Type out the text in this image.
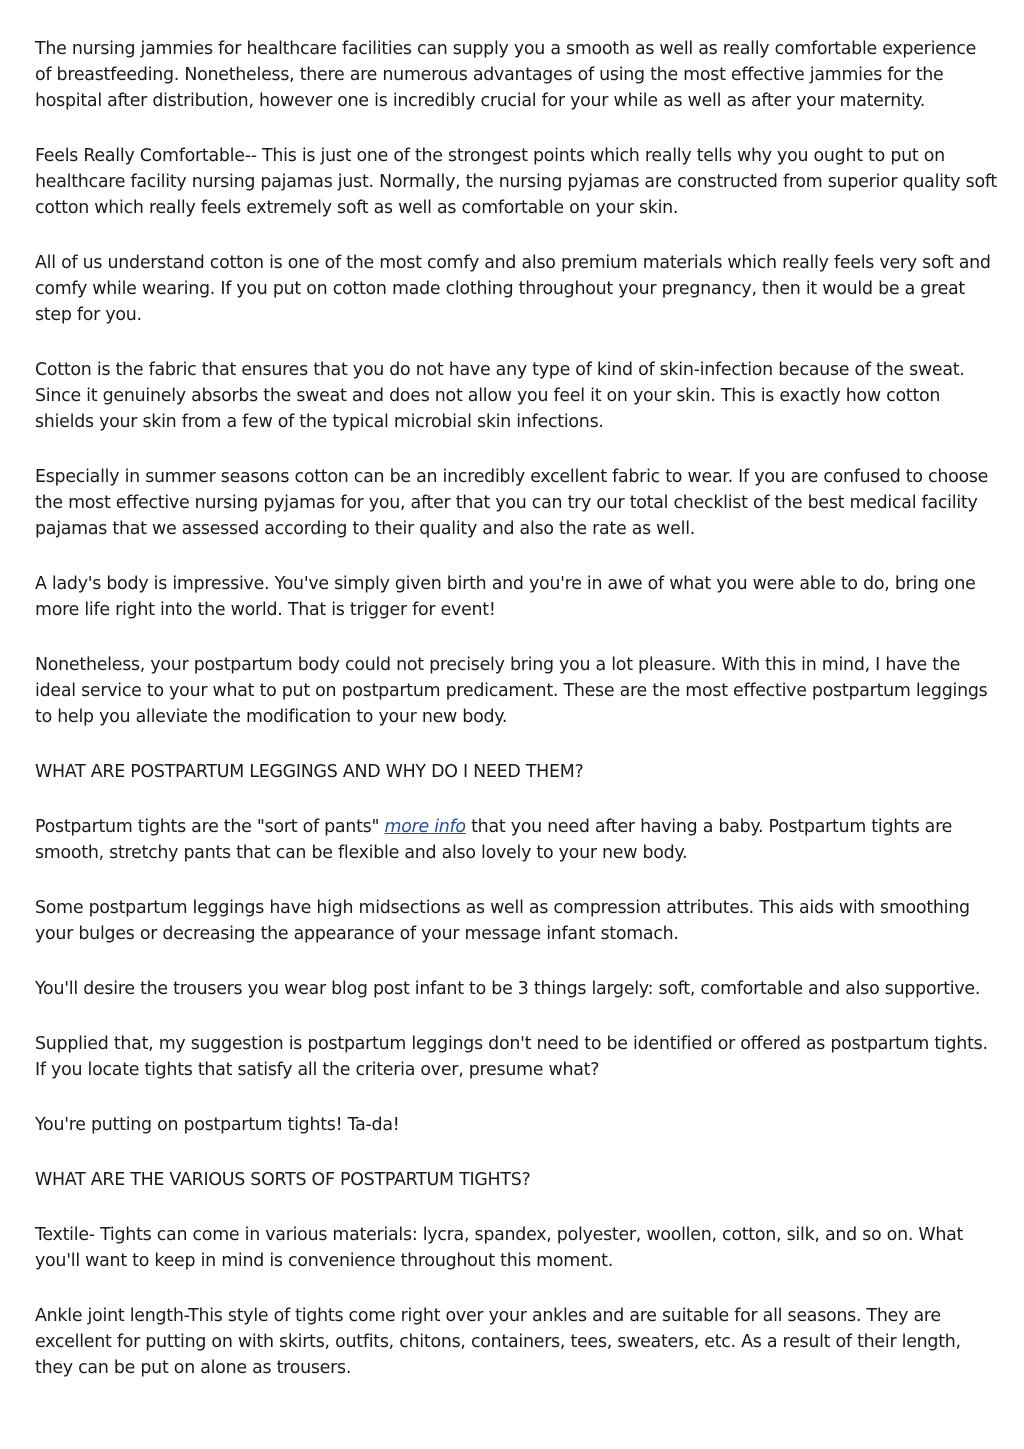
The nursing jammies for healthcare facilities can supply you a smooth as well as really comfortable experience of breastfeeding. Nonetheless, there are numerous advantages of using the most effective jammies for the hospital after distribution, however one is incredibly crucial for your while as well as after your maternity.

Feels Really Comfortable-- This is just one of the strongest points which really tells why you ought to put on healthcare facility nursing pajamas just. Normally, the nursing pyjamas are constructed from superior quality soft cotton which really feels extremely soft as well as comfortable on your skin.

All of us understand cotton is one of the most comfy and also premium materials which really feels very soft and comfy while wearing. If you put on cotton made clothing throughout your pregnancy, then it would be a great step for you.

Cotton is the fabric that ensures that you do not have any type of kind of skin-infection because of the sweat. Since it genuinely absorbs the sweat and does not allow you feel it on your skin. This is exactly how cotton shields your skin from a few of the typical microbial skin infections.

Especially in summer seasons cotton can be an incredibly excellent fabric to wear. If you are confused to choose the most effective nursing pyjamas for you, after that you can try our total checklist of the best medical facility pajamas that we assessed according to their quality and also the rate as well.

A lady's body is impressive. You've simply given birth and you're in awe of what you were able to do, bring one more life right into the world. That is trigger for event!

Nonetheless, your postpartum body could not precisely bring you a lot pleasure. With this in mind, I have the ideal service to your what to put on postpartum predicament. These are the most effective postpartum leggings to help you alleviate the modification to your new body.

WHAT ARE POSTPARTUM LEGGINGS AND WHY DO I NEED THEM?

Postpartum tights are the "sort of pants" more info that you need after having a baby. Postpartum tights are smooth, stretchy pants that can be flexible and also lovely to your new body.

Some postpartum leggings have high midsections as well as compression attributes. This aids with smoothing your bulges or decreasing the appearance of your message infant stomach.

You'll desire the trousers you wear blog post infant to be 3 things largely: soft, comfortable and also supportive.

Supplied that, my suggestion is postpartum leggings don't need to be identified or offered as postpartum tights. If you locate tights that satisfy all the criteria over, presume what?

You're putting on postpartum tights! Ta-da!

WHAT ARE THE VARIOUS SORTS OF POSTPARTUM TIGHTS?

Textile- Tights can come in various materials: lycra, spandex, polyester, woollen, cotton, silk, and so on. What you'll want to keep in mind is convenience throughout this moment.

Ankle joint length-This style of tights come right over your ankles and are suitable for all seasons. They are excellent for putting on with skirts, outfits, chitons, containers, tees, sweaters, etc. As a result of their length, they can be put on alone as trousers.
